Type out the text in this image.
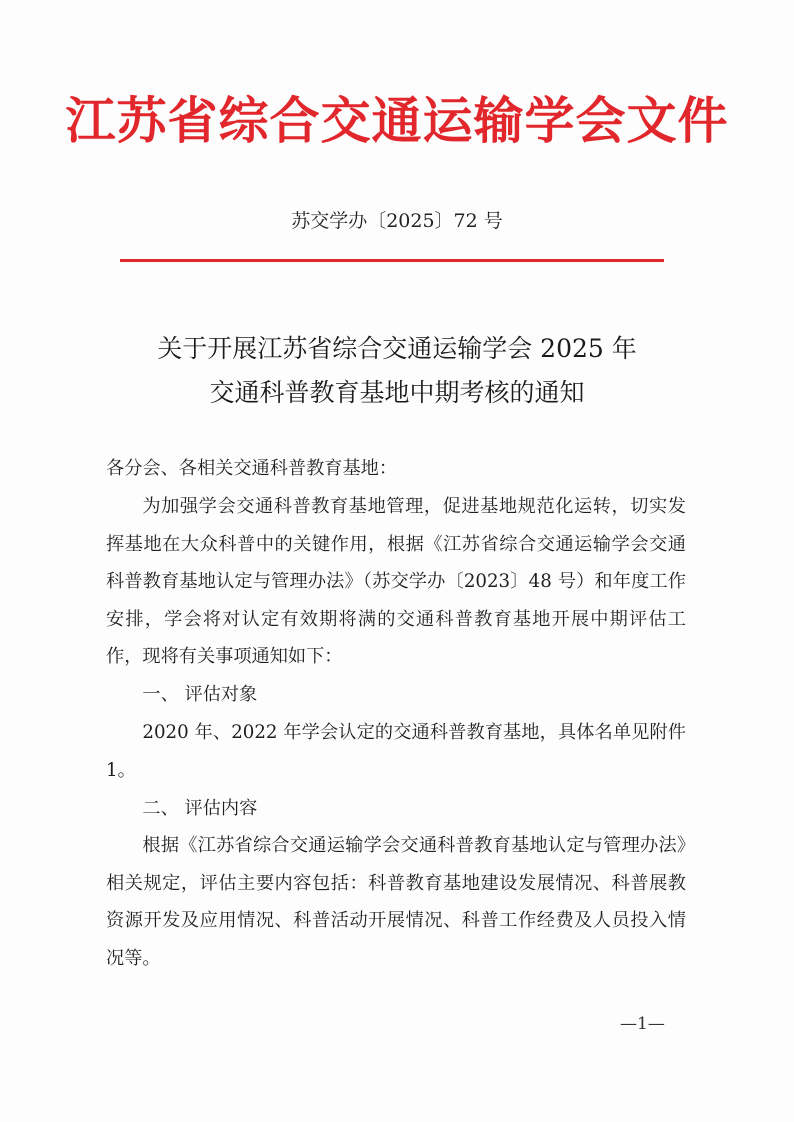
江苏省综合交通运输学会文件
苏交学办〔2025〕72 号
关于开展江苏省综合交通运输学会 2025 年
交通科普教育基地中期考核的通知
各分会、各相关交通科普教育基地：
为加强学会交通科普教育基地管理，促进基地规范化运转，切实发挥基地在大众科普中的关键作用，根据《江苏省综合交通运输学会交通科普教育基地认定与管理办法》（苏交学办〔2023〕48 号）和年度工作安排，学会将对认定有效期将满的交通科普教育基地开展中期评估工作，现将有关事项通知如下：
一、 评估对象
2020 年、2022 年学会认定的交通科普教育基地，具体名单见附件 1。
二、 评估内容
根据《江苏省综合交通运输学会交通科普教育基地认定与管理办法》相关规定，评估主要内容包括：科普教育基地建设发展情况、科普展教资源开发及应用情况、科普活动开展情况、科普工作经费及人员投入情况等。
—1—
